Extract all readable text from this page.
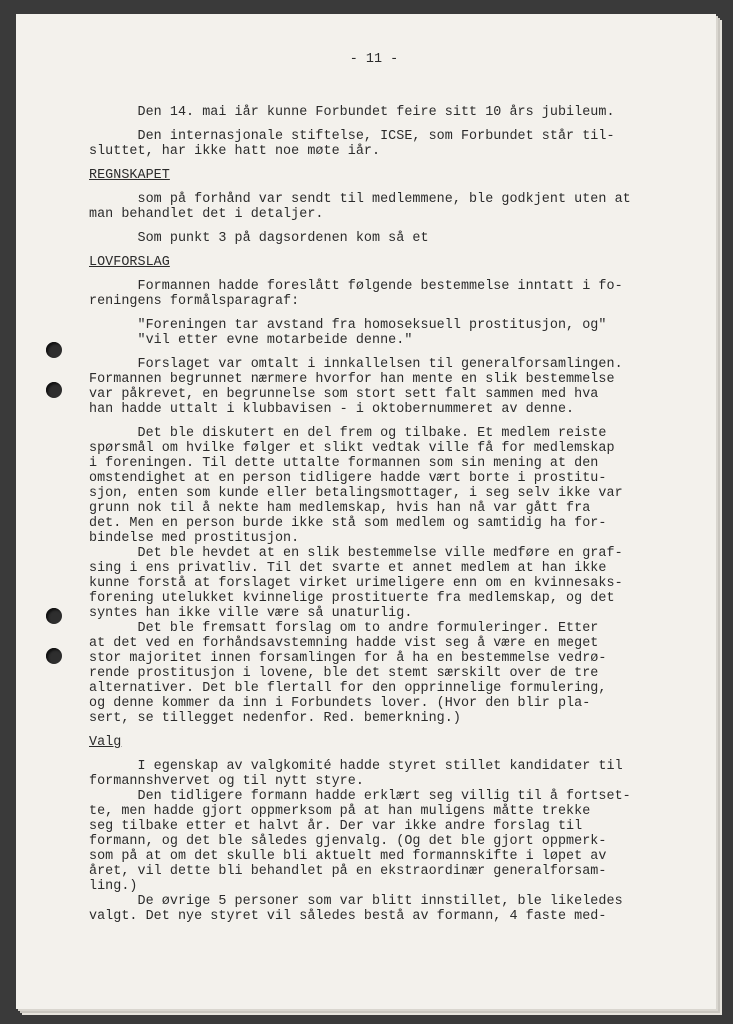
- 11 -
Den 14. mai iår kunne Forbundet feire sitt 10 års jubileum.
Den internasjonale stiftelse, ICSE, som Forbundet står til-
sluttet, har ikke hatt noe møte iår.
REGNSKAPET
som på forhånd var sendt til medlemmene, ble godkjent uten at
man behandlet det i detaljer.
Som punkt 3 på dagsordenen kom så et
LOVFORSLAG
Formannen hadde foreslått følgende bestemmelse inntatt i fo-
reningens formålsparagraf:
"Foreningen tar avstand fra homoseksuell prostitusjon, og"
"vil etter evne motarbeide denne."
Forslaget var omtalt i innkallelsen til generalforsamlingen.
Formannen begrunnet nærmere hvorfor han mente en slik bestemmelse
var påkrevet, en begrunnelse som stort sett falt sammen med hva
han hadde uttalt i klubbavisen - i oktobernummeret av denne.
Det ble diskutert en del frem og tilbake. Et medlem reiste
spørsmål om hvilke følger et slikt vedtak ville få for medlemskap
i foreningen. Til dette uttalte formannen som sin mening at den
omstendighet at en person tidligere hadde vært borte i prostitu-
sjon, enten som kunde eller betalingsmottager, i seg selv ikke var
grunn nok til å nekte ham medlemskap, hvis han nå var gått fra
det. Men en person burde ikke stå som medlem og samtidig ha for-
bindelse med prostitusjon.
Det ble hevdet at en slik bestemmelse ville medføre en graf-
sing i ens privatliv. Til det svarte et annet medlem at han ikke
kunne forstå at forslaget virket urimeligere enn om en kvinnesaks-
forening utelukket kvinnelige prostituerte fra medlemskap, og det
syntes han ikke ville være så unaturlig.
Det ble fremsatt forslag om to andre formuleringer. Etter
at det ved en forhåndsavstemning hadde vist seg å være en meget
stor majoritet innen forsamlingen for å ha en bestemmelse vedrø-
rende prostitusjon i lovene, ble det stemt særskilt over de tre
alternativer. Det ble flertall for den opprinnelige formulering,
og denne kommer da inn i Forbundets lover. (Hvor den blir pla-
sert, se tillegget nedenfor. Red. bemerkning.)
Valg
I egenskap av valgkomité hadde styret stillet kandidater til
formannshvervet og til nytt styre.
Den tidligere formann hadde erklært seg villig til å fortset-
te, men hadde gjort oppmerksom på at han muligens måtte trekke
seg tilbake etter et halvt år. Der var ikke andre forslag til
formann, og det ble således gjenvalg. (Og det ble gjort oppmerk-
som på at om det skulle bli aktuelt med formannskifte i løpet av
året, vil dette bli behandlet på en ekstraordinær generalforsam-
ling.)
De øvrige 5 personer som var blitt innstillet, ble likeledes
valgt. Det nye styret vil således bestå av formann, 4 faste med-
